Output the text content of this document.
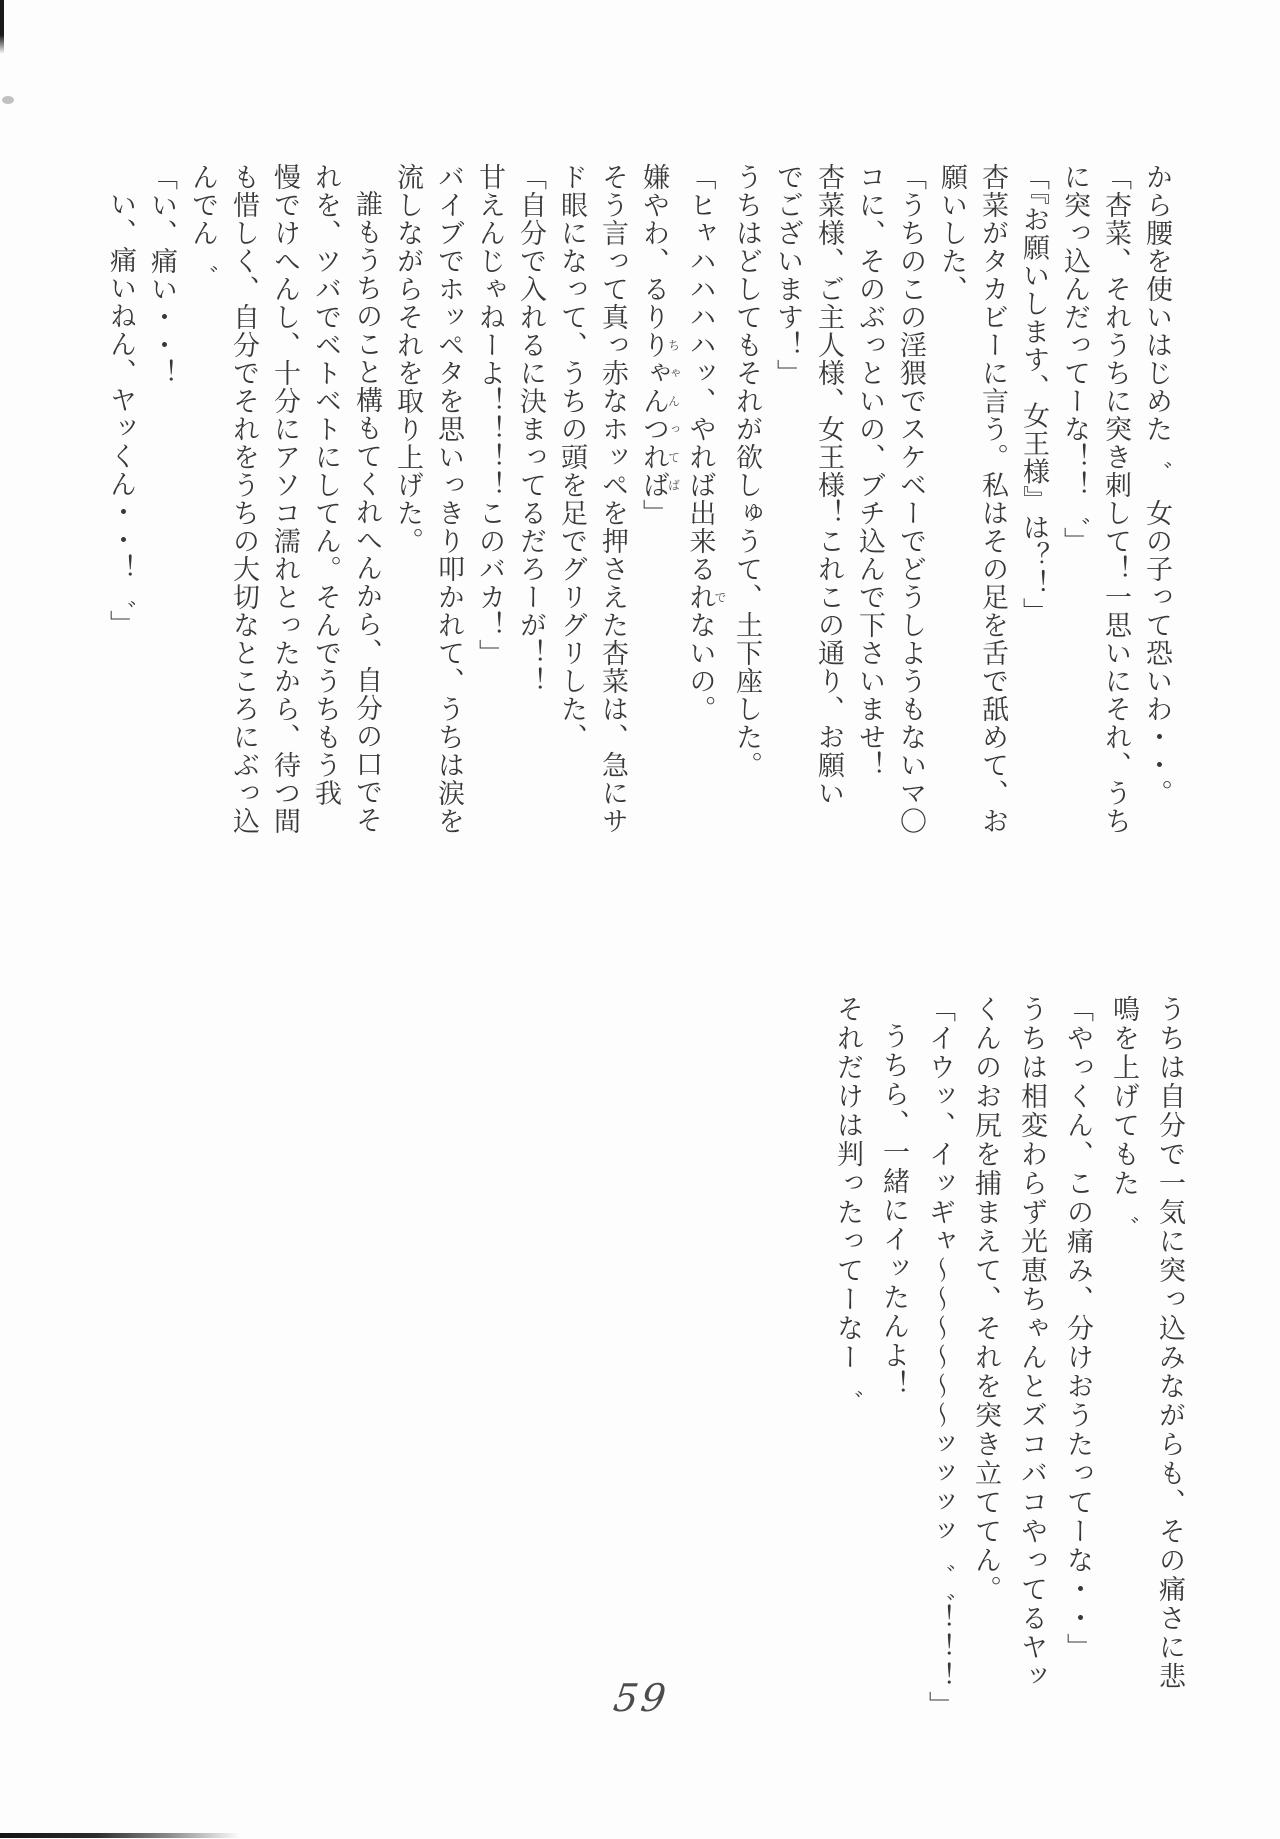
から腰を使いはじめた゛　女の子って恐いわ・・。

「杏菜、それうちに突き刺して！一思いにそれ、うち

に突っ込んだってーな！！゛」

「『お願いします、女王様』は？！」

杏菜がタカビーに言う。私はその足を舌で舐めて、お

願いした、

「うちのこの淫猥でスケベーでどうしようもないマ〇

コに、そのぶっといの、ブチ込んで下さいませ！

杏菜様、ご主人様、女王様！これこの通り、お願い

でございます！」

うちはどしてもそれが欲しゅうて、土下座した。

「ヒャハハハハッ、やれば出来るれでないの。

嫌やわ、るりりゃんちゃんつればってば」

そう言って真っ赤なホッペを押さえた杏菜は、急にサ

ド眼になって、うちの頭を足でグリグリした、

「自分で入れるに決まってるだろーが！！

甘えんじゃねーよ！！！！このバカ！」

バイブでホッペタを思いっきり叩かれて、うちは涙を

流しながらそれを取り上げた。

誰もうちのこと構もてくれへんから、自分の口でそ

れを、ツバでベトベトにしてん。そんでうちもう我

慢でけへんし、十分にアソコ濡れとったから、待つ間

も惜しく、自分でそれをうちの大切なところにぶっ込

んでん゛

「い、痛い・・！

い、痛いねん、ヤッくん・・！゛」

うちは自分で一気に突っ込みながらも、その痛さに悲

鳴を上げてもた゛

「やっくん、この痛み、分けおうたってーな・・」

うちは相変わらず光恵ちゃんとズコバコやってるヤッ

くんのお尻を捕まえて、それを突き立ててん。

「イウッ、イッギャ～～～～～～ッッッッ゛゛！！！」

うちら、一緒にイッたんよ！

それだけは判ったってーなー゛

59
